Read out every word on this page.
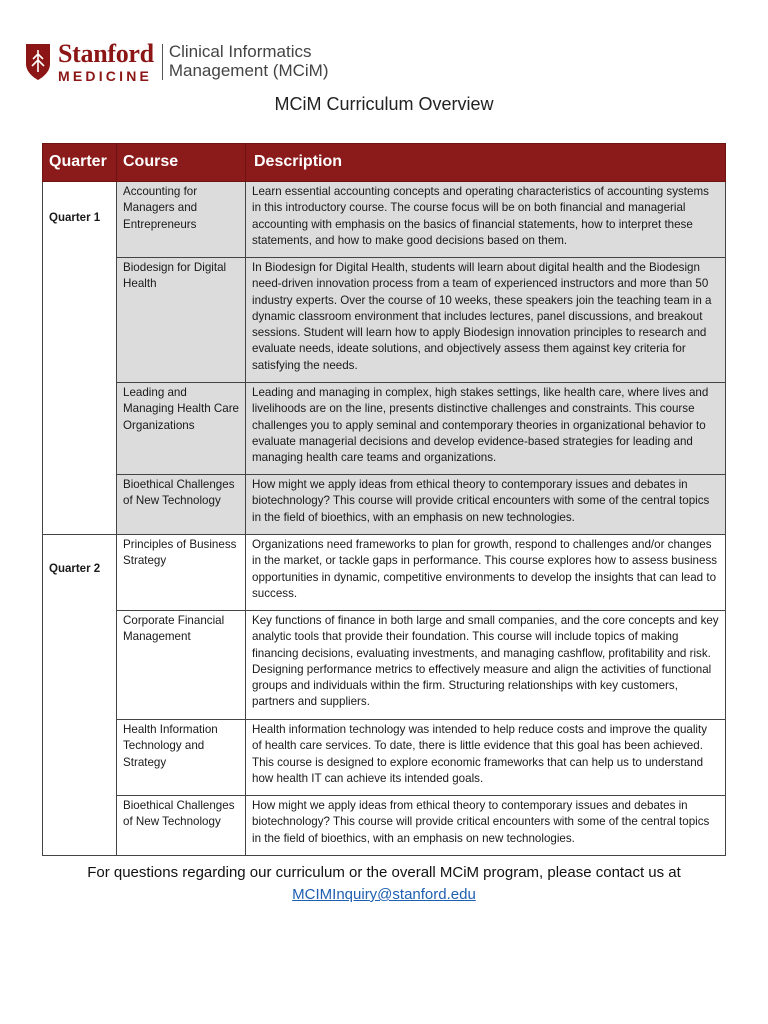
Stanford
MEDICINE
Clinical Informatics
Management (MCiM)
MCiM Curriculum Overview
Quarter	Course	Description
Quarter 1	Accounting for Managers and Entrepreneurs	Learn essential accounting concepts and operating characteristics of accounting systems in this introductory course. The course focus will be on both financial and managerial accounting with emphasis on the basics of financial statements, how to interpret these statements, and how to make good decisions based on them.
	Biodesign for Digital Health	In Biodesign for Digital Health, students will learn about digital health and the Biodesign need-driven innovation process from a team of experienced instructors and more than 50 industry experts. Over the course of 10 weeks, these speakers join the teaching team in a dynamic classroom environment that includes lectures, panel discussions, and breakout sessions. Student will learn how to apply Biodesign innovation principles to research and evaluate needs, ideate solutions, and objectively assess them against key criteria for satisfying the needs.
	Leading and Managing Health Care Organizations	Leading and managing in complex, high stakes settings, like health care, where lives and livelihoods are on the line, presents distinctive challenges and constraints. This course challenges you to apply seminal and contemporary theories in organizational behavior to evaluate managerial decisions and develop evidence-based strategies for leading and managing health care teams and organizations.
	Bioethical Challenges of New Technology	How might we apply ideas from ethical theory to contemporary issues and debates in biotechnology? This course will provide critical encounters with some of the central topics in the field of bioethics, with an emphasis on new technologies.
Quarter 2	Principles of Business Strategy	Organizations need frameworks to plan for growth, respond to challenges and/or changes in the market, or tackle gaps in performance. This course explores how to assess business opportunities in dynamic, competitive environments to develop the insights that can lead to success.
	Corporate Financial Management	Key functions of finance in both large and small companies, and the core concepts and key analytic tools that provide their foundation. This course will include topics of making financing decisions, evaluating investments, and managing cashflow, profitability and risk. Designing performance metrics to effectively measure and align the activities of functional groups and individuals within the firm. Structuring relationships with key customers, partners and suppliers.
	Health Information Technology and Strategy	Health information technology was intended to help reduce costs and improve the quality of health care services. To date, there is little evidence that this goal has been achieved. This course is designed to explore economic frameworks that can help us to understand how health IT can achieve its intended goals.
	Bioethical Challenges of New Technology	How might we apply ideas from ethical theory to contemporary issues and debates in biotechnology? This course will provide critical encounters with some of the central topics in the field of bioethics, with an emphasis on new technologies.
For questions regarding our curriculum or the overall MCiM program, please contact us at
MCIMInquiry@stanford.edu
